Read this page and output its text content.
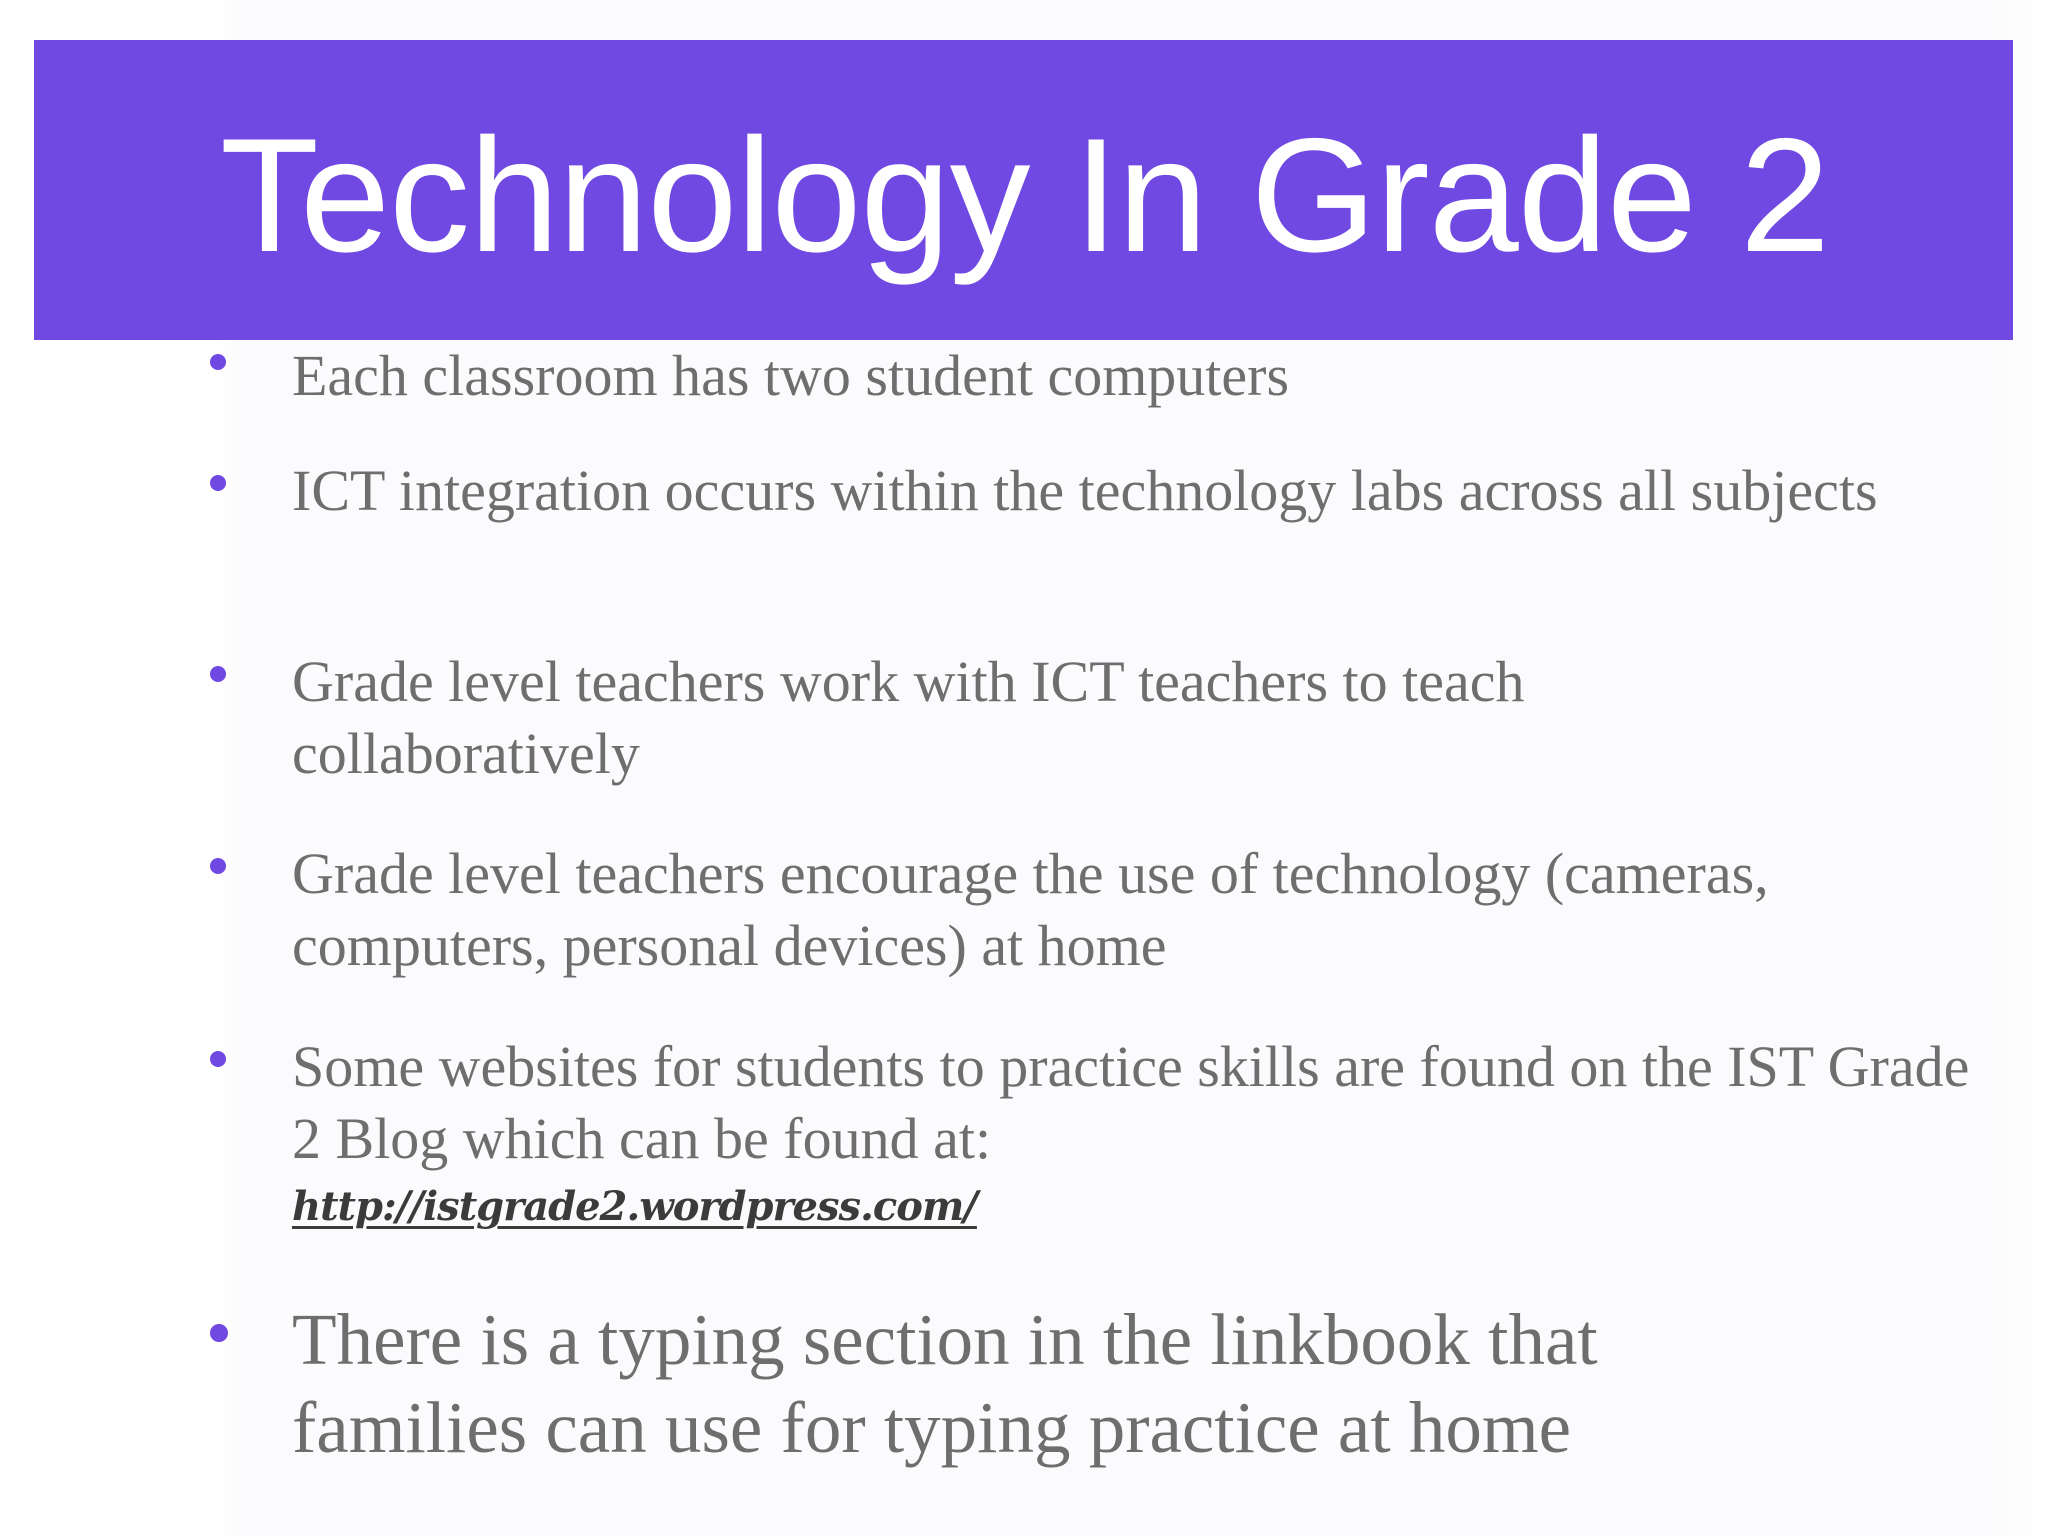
Technology In Grade 2

Each classroom has two student computers

ICT integration occurs within the technology labs across all subjects

Grade level teachers work with ICT teachers to teach collaboratively

Grade level teachers encourage the use of technology (cameras, computers, personal devices) at home

Some websites for students to practice skills are found on the IST Grade 2 Blog which can be found at:
http://istgrade2.wordpress.com/

There is a typing section in the linkbook that families can use for typing practice at home
